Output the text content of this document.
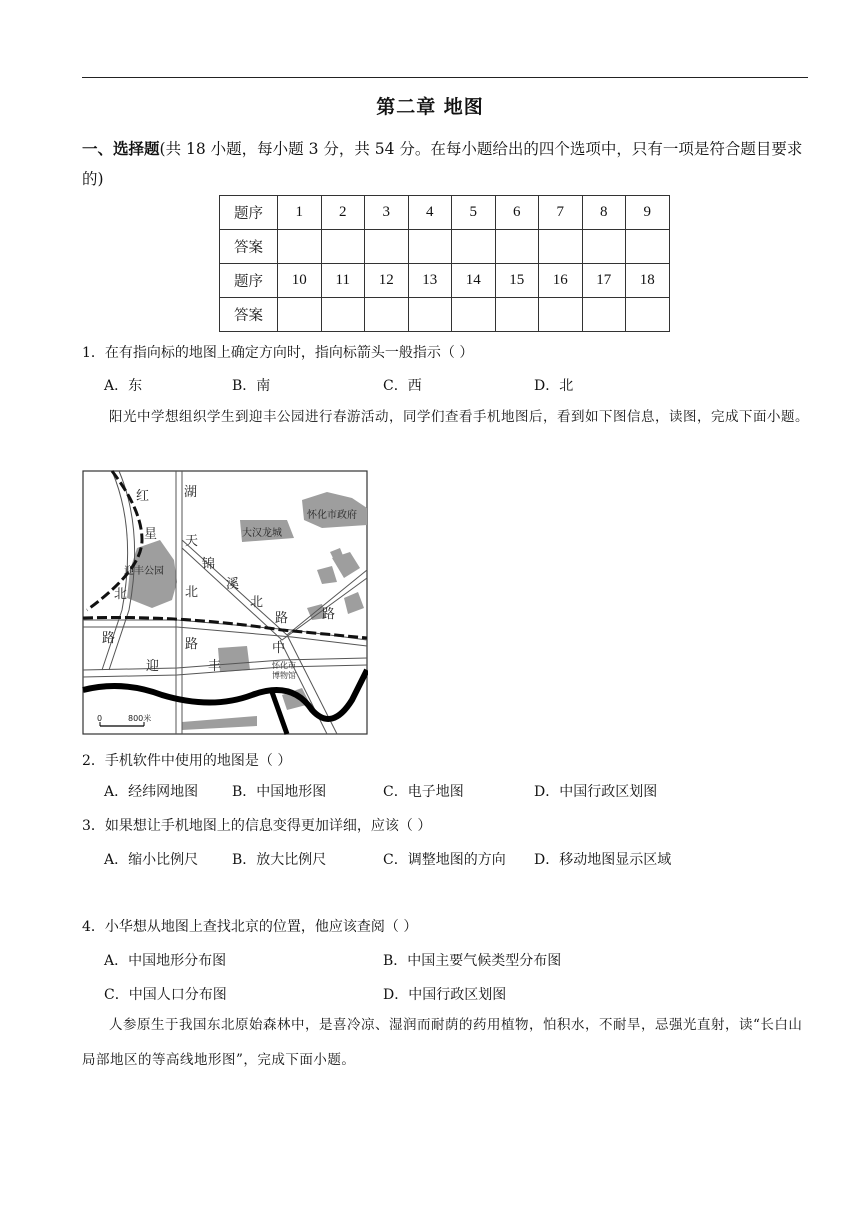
第二章 地图
一、选择题(共 18 小题，每小题 3 分，共 54 分。在每小题给出的四个选项中，只有一项是符合题目要求的)
题序	1	2	3	4	5	6	7	8	9
答案									
题序	10	11	12	13	14	15	16	17	18
答案									
1．在有指向标的地图上确定方向时，指向标箭头一般指示（ ）
A．东	B．南	C．西	D．北
阳光中学想组织学生到迎丰公园进行春游活动，同学们查看手机地图后，看到如下图信息，读图，完成下面小题。
红
星
北
路
湖
天
北
路
锦
溪
北
路	路
迎	丰
中
迎丰公园
大汉龙城
怀化市政府
怀化市
博物馆
0	800米
2．手机软件中使用的地图是（ ）
A．经纬网地图 B．中国地形图	C．电子地图	D．中国行政区划图
3．如果想让手机地图上的信息变得更加详细，应该（ ）
A．缩小比例尺 B．放大比例尺	C．调整地图的方向 D．移动地图显示区域
4．小华想从地图上查找北京的位置，他应该查阅（ ）
A．中国地形分布图	B．中国主要气候类型分布图
C．中国人口分布图	D．中国行政区划图
人参原生于我国东北原始森林中，是喜冷凉、湿润而耐荫的药用植物，怕积水，不耐旱，忌强光直射，读“长白山局部地区的等高线地形图”，完成下面小题。
